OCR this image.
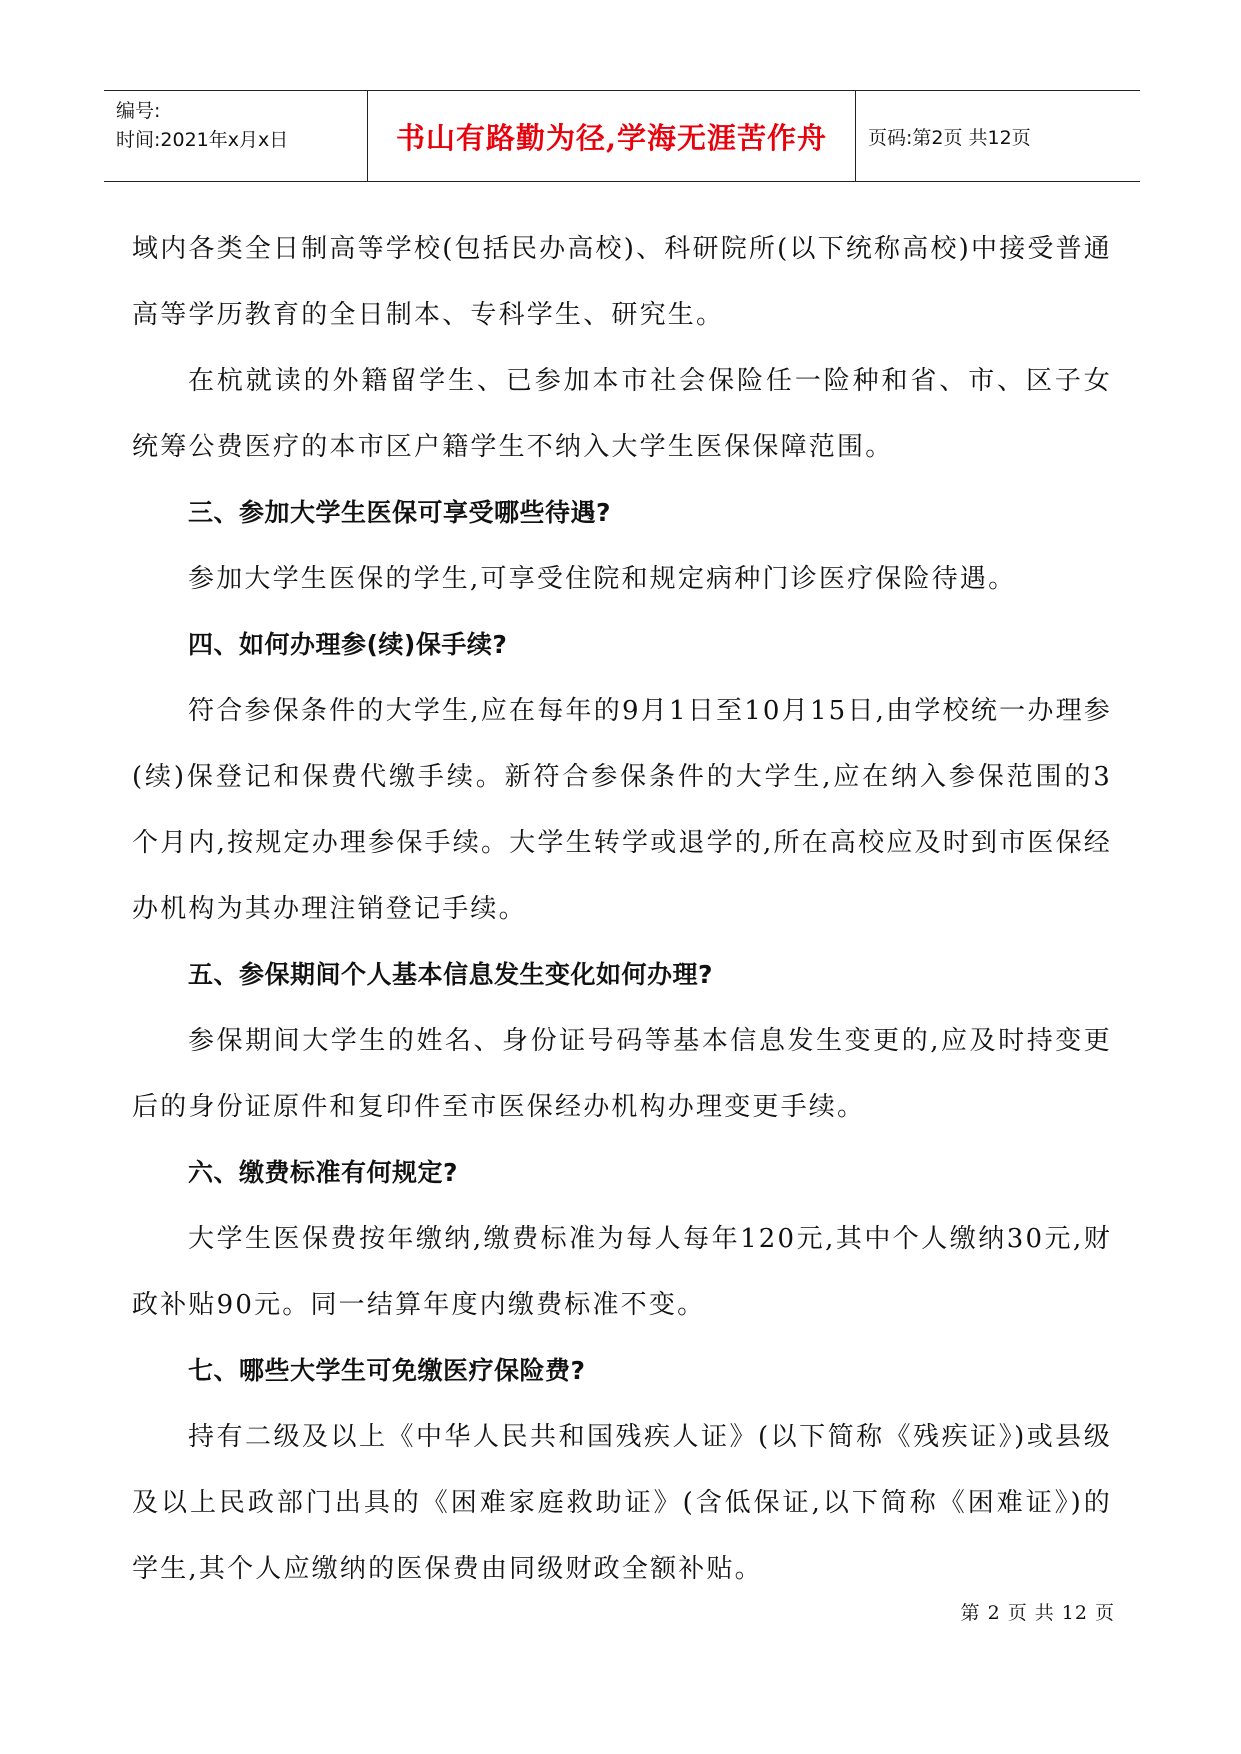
编号:
时间:2021年x月x日	书山有路勤为径,学海无涯苦作舟	页码:第2页 共12页

域内各类全日制高等学校(包括民办高校)、科研院所(以下统称高校)中接受普通高等学历教育的全日制本、专科学生、研究生。

在杭就读的外籍留学生、已参加本市社会保险任一险种和省、市、区子女统筹公费医疗的本市区户籍学生不纳入大学生医保保障范围。

三、参加大学生医保可享受哪些待遇?

参加大学生医保的学生,可享受住院和规定病种门诊医疗保险待遇。

四、如何办理参(续)保手续?

符合参保条件的大学生,应在每年的9月1日至10月15日,由学校统一办理参(续)保登记和保费代缴手续。新符合参保条件的大学生,应在纳入参保范围的3个月内,按规定办理参保手续。大学生转学或退学的,所在高校应及时到市医保经办机构为其办理注销登记手续。

五、参保期间个人基本信息发生变化如何办理?

参保期间大学生的姓名、身份证号码等基本信息发生变更的,应及时持变更后的身份证原件和复印件至市医保经办机构办理变更手续。

六、缴费标准有何规定?

大学生医保费按年缴纳,缴费标准为每人每年120元,其中个人缴纳30元,财政补贴90元。同一结算年度内缴费标准不变。

七、哪些大学生可免缴医疗保险费?

持有二级及以上《中华人民共和国残疾人证》(以下简称《残疾证》)或县级及以上民政部门出具的《困难家庭救助证》(含低保证,以下简称《困难证》)的学生,其个人应缴纳的医保费由同级财政全额补贴。

第 2 页 共 12 页
